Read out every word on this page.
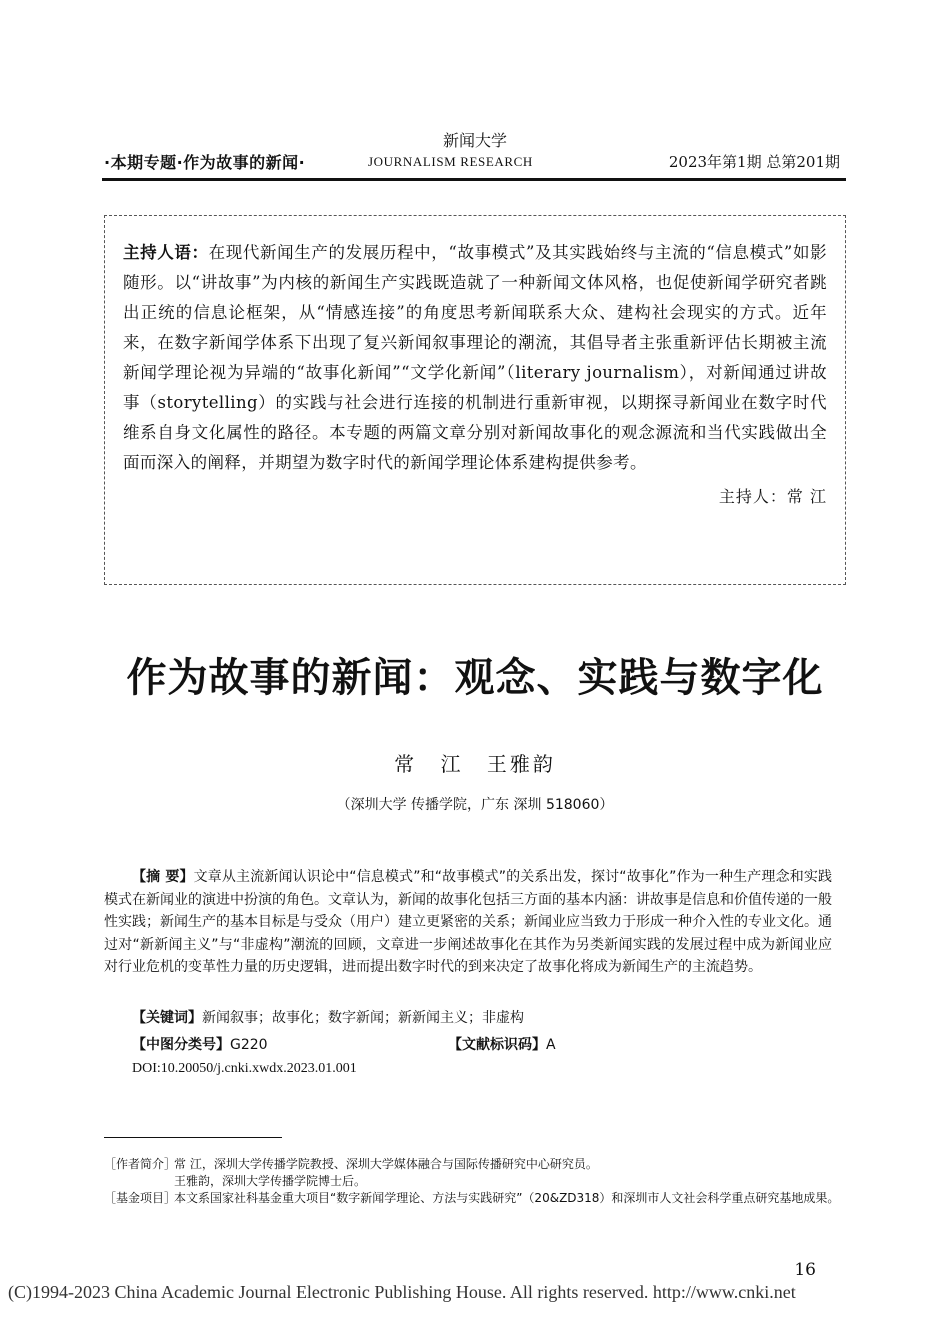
·本期专题·作为故事的新闻·
新闻大学
JOURNALISM RESEARCH	2023年第1期 总第201期
主持人语：在现代新闻生产的发展历程中，“故事模式”及其实践始终与主流的“信息模式”如影随形。以“讲故事”为内核的新闻生产实践既造就了一种新闻文体风格，也促使新闻学研究者跳出正统的信息论框架，从“情感连接”的角度思考新闻联系大众、建构社会现实的方式。近年来，在数字新闻学体系下出现了复兴新闻叙事理论的潮流，其倡导者主张重新评估长期被主流新闻学理论视为异端的“故事化新闻”“文学化新闻”（literary journalism），对新闻通过讲故事（storytelling）的实践与社会进行连接的机制进行重新审视，以期探寻新闻业在数字时代维系自身文化属性的路径。本专题的两篇文章分别对新闻故事化的观念源流和当代实践做出全面而深入的阐释，并期望为数字时代的新闻学理论体系建构提供参考。
主持人：常 江
作为故事的新闻：观念、实践与数字化
常 江 王雅韵
（深圳大学 传播学院，广东 深圳 518060）
【摘 要】文章从主流新闻认识论中“信息模式”和“故事模式”的关系出发，探讨“故事化”作为一种生产理念和实践模式在新闻业的演进中扮演的角色。文章认为，新闻的故事化包括三方面的基本内涵：讲故事是信息和价值传递的一般性实践；新闻生产的基本目标是与受众（用户）建立更紧密的关系；新闻业应当致力于形成一种介入性的专业文化。通过对“新新闻主义”与“非虚构”潮流的回顾，文章进一步阐述故事化在其作为另类新闻实践的发展过程中成为新闻业应对行业危机的变革性力量的历史逻辑，进而提出数字时代的到来决定了故事化将成为新闻生产的主流趋势。
【关键词】新闻叙事；故事化；数字新闻；新新闻主义；非虚构
【中图分类号】G220	【文献标识码】A
DOI:10.20050/j.cnki.xwdx.2023.01.001
［作者简介］
常 江，深圳大学传播学院教授、深圳大学媒体融合与国际传播研究中心研究员。
王雅韵，深圳大学传播学院博士后。
［基金项目］
本文系国家社科基金重大项目“数字新闻学理论、方法与实践研究”（20&ZD318）和深圳市人文社会科学重点研究基地成果。
16
(C)1994-2023 China Academic Journal Electronic Publishing House. All rights reserved. http://www.cnki.net
